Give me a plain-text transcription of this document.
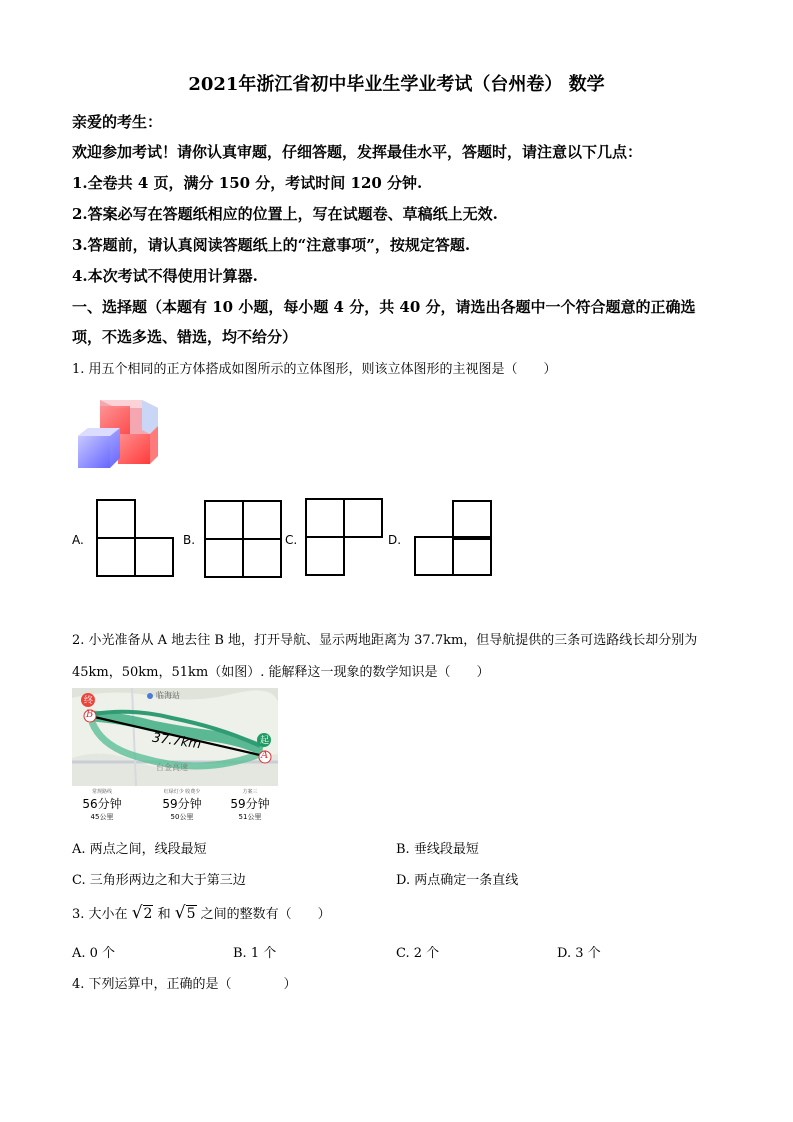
2021年浙江省初中毕业生学业考试（台州卷） 数学
亲爱的考生：
欢迎参加考试！请你认真审题，仔细答题，发挥最佳水平，答题时，请注意以下几点：
1.全卷共 4 页，满分 150 分，考试时间 120 分钟.
2.答案必写在答题纸相应的位置上，写在试题卷、草稿纸上无效.
3.答题前，请认真阅读答题纸上的“注意事项”，按规定答题.
4.本次考试不得使用计算器.
一、选择题（本题有 10 小题，每小题 4 分，共 40 分，请选出各题中一个符合题意的正确选
项，不选多选、错选，均不给分）
1. 用五个相同的正方体搭成如图所示的立体图形，则该立体图形的主视图是（　　）
A.	B.	C.	D.
2. 小光准备从 A 地去往 B 地，打开导航、显示两地距离为 37.7km，但导航提供的三条可选路线长却分别为
45km，50km，51km（如图）. 能解释这一现象的数学知识是（　　）
终
起
B
A
37.7km
台金高速
临海站
常规路线
56分钟
45公里
红绿灯少 收费少
59分钟
50公里
方案三
59分钟
51公里
A. 两点之间，线段最短	B. 垂线段最短
C. 三角形两边之和大于第三边	D. 两点确定一条直线
3. 大小在 √2 和 √5 之间的整数有（　　）
A. 0 个	B. 1 个	C. 2 个	D. 3 个
4. 下列运算中，正确的是（　　　　）
